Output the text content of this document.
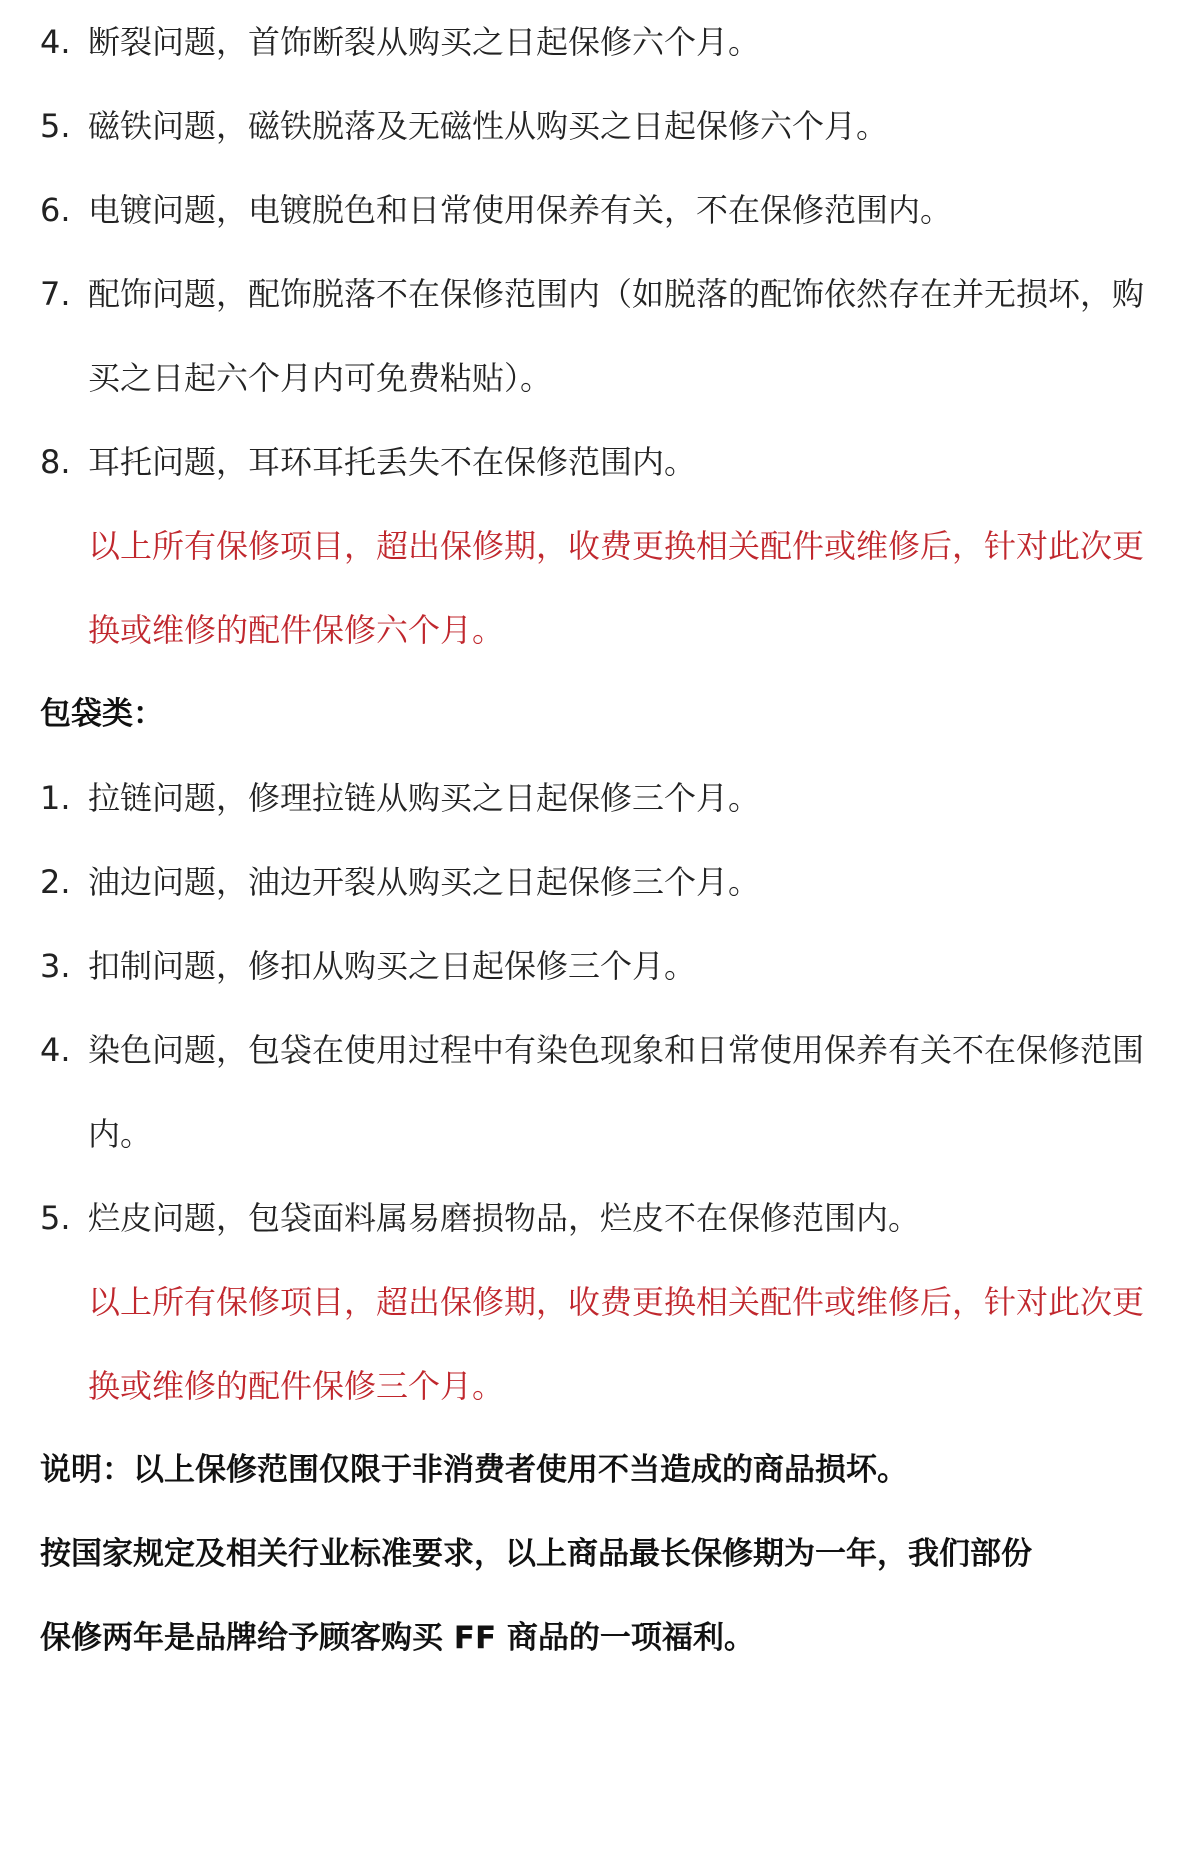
4. 断裂问题，首饰断裂从购买之日起保修六个月。
5. 磁铁问题，磁铁脱落及无磁性从购买之日起保修六个月。
6. 电镀问题，电镀脱色和日常使用保养有关，不在保修范围内。
7. 配饰问题，配饰脱落不在保修范围内（如脱落的配饰依然存在并无损坏，购买之日起六个月内可免费粘贴）。
8. 耳托问题，耳环耳托丢失不在保修范围内。
以上所有保修项目，超出保修期，收费更换相关配件或维修后，针对此次更换或维修的配件保修六个月。
包袋类：
1. 拉链问题，修理拉链从购买之日起保修三个月。
2. 油边问题，油边开裂从购买之日起保修三个月。
3. 扣制问题，修扣从购买之日起保修三个月。
4. 染色问题，包袋在使用过程中有染色现象和日常使用保养有关不在保修范围内。
5. 烂皮问题，包袋面料属易磨损物品，烂皮不在保修范围内。
以上所有保修项目，超出保修期，收费更换相关配件或维修后，针对此次更换或维修的配件保修三个月。
说明：以上保修范围仅限于非消费者使用不当造成的商品损坏。
按国家规定及相关行业标准要求，以上商品最长保修期为一年，我们部份
保修两年是品牌给予顾客购买 FF 商品的一项福利。
